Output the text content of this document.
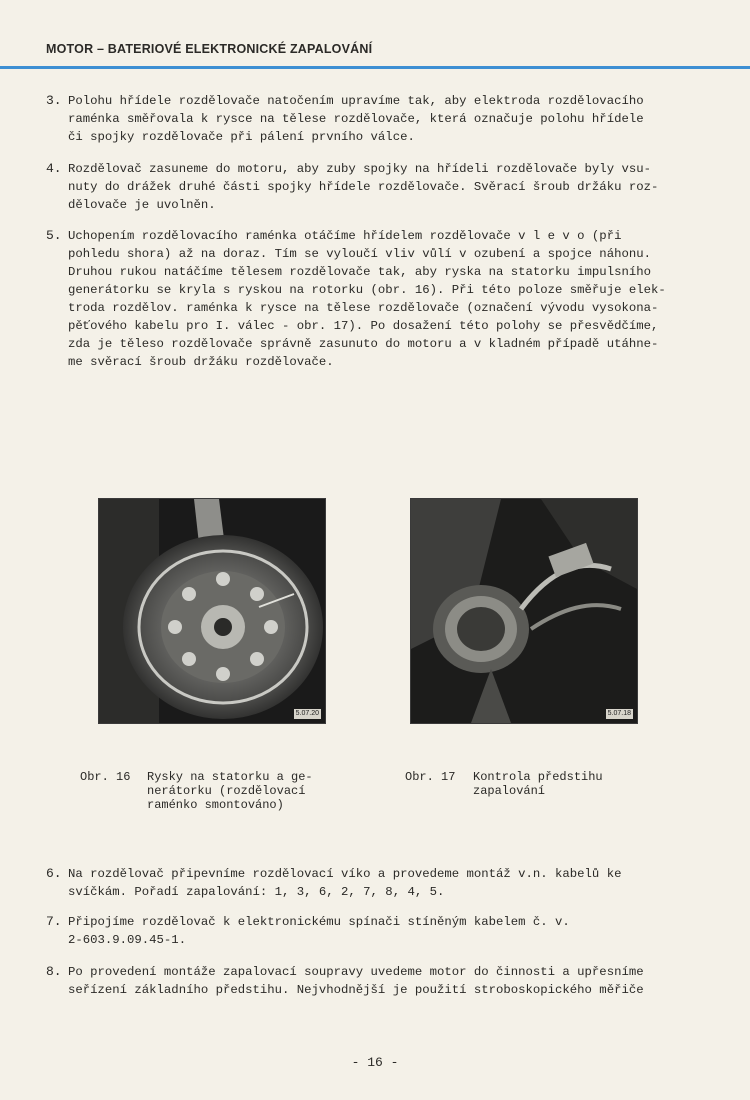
MOTOR – BATERIOVÉ ELEKTRONICKÉ ZAPALOVÁNÍ
3. Polohu hřídele rozdělovače natočením upravíme tak, aby elektroda rozdělovacího
raménka směřovala k rysce na tělese rozdělovače, která označuje polohu hřídele
či spojky rozdělovače při pálení prvního válce.
4. Rozdělovač zasuneme do motoru, aby zuby spojky na hřídeli rozdělovače byly vsu-
nuty do drážek druhé části spojky hřídele rozdělovače. Svěrací šroub držáku roz-
dělovače je uvolněn.
5. Uchopením rozdělovacího raménka otáčíme hřídelem rozdělovače v l e v o (při
pohledu shora) až na doraz. Tím se vyloučí vliv vůlí v ozubení a spojce náhonu.
Druhou rukou natáčíme tělesem rozdělovače tak, aby ryska na statorku impulsního
generátorku se kryla s ryskou na rotorku (obr. 16). Při této poloze směřuje elek-
troda rozdělov. raménka k rysce na tělese rozdělovače (označení vývodu vysokona-
pěťového kabelu pro I. válec - obr. 17). Po dosažení této polohy se přesvědčíme,
zda je těleso rozdělovače správně zasunuto do motoru a v kladném případě utáhne-
me svěrací šroub držáku rozdělovače.
6. Na rozdělovač připevníme rozdělovací víko a provedeme montáž v.n. kabelů ke
svíčkám. Pořadí zapalování: 1, 3, 6, 2, 7, 8, 4, 5.
7. Připojíme rozdělovač k elektronickému spínači stíněným kabelem č. v.
2-603.9.09.45-1.
8. Po provedení montáže zapalovací soupravy uvedeme motor do činnosti a upřesníme
seřízení základního předstihu. Nejvhodnější je použití stroboskopického měřiče
5.07.20	5.07.18
Obr. 16 Rysky na statorku a ge-
nerátorku (rozdělovací
raménko smontováno)
Obr. 17 Kontrola předstihu
zapalování
- 16 -
